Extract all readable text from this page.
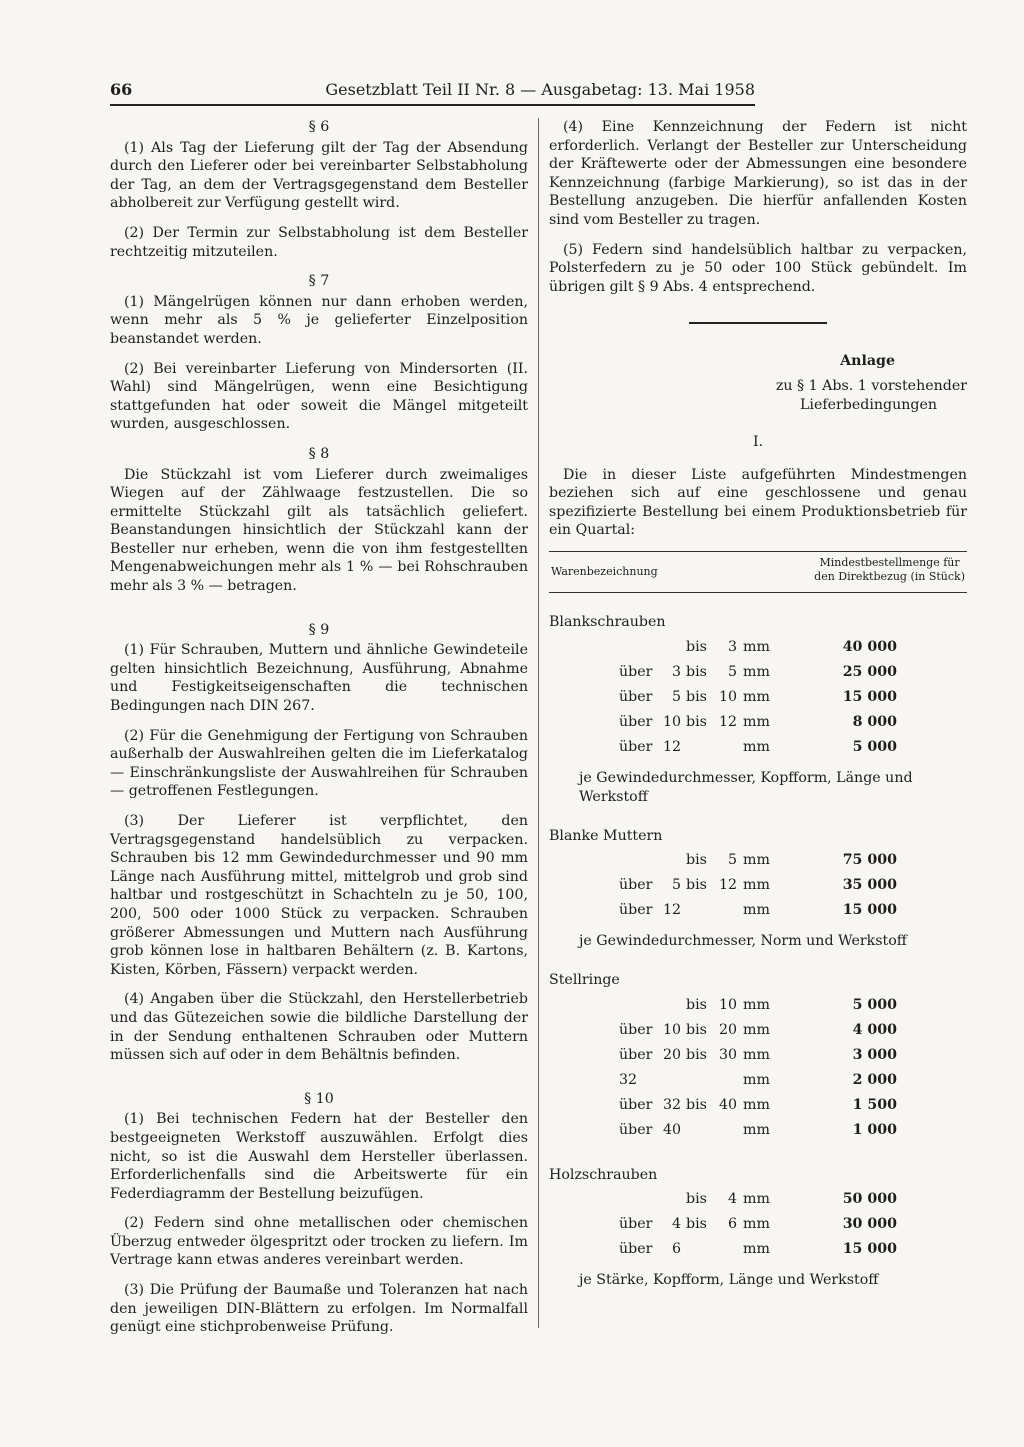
66	Gesetzblatt Teil II Nr. 8 — Ausgabetag: 13. Mai 1958
§ 6

(1) Als Tag der Lieferung gilt der Tag der Absendung durch den Lieferer oder bei vereinbarter Selbstabholung der Tag, an dem der Vertragsgegenstand dem Besteller abholbereit zur Verfügung gestellt wird.

(2) Der Termin zur Selbstabholung ist dem Besteller rechtzeitig mitzuteilen.

§ 7

(1) Mängelrügen können nur dann erhoben werden, wenn mehr als 5 % je gelieferter Einzelposition beanstandet werden.

(2) Bei vereinbarter Lieferung von Mindersorten (II. Wahl) sind Mängelrügen, wenn eine Besichtigung stattgefunden hat oder soweit die Mängel mitgeteilt wurden, ausgeschlossen.

§ 8

Die Stückzahl ist vom Lieferer durch zweimaliges Wiegen auf der Zählwaage festzustellen. Die so ermittelte Stückzahl gilt als tatsächlich geliefert. Beanstandungen hinsichtlich der Stückzahl kann der Besteller nur erheben, wenn die von ihm festgestellten Mengenabweichungen mehr als 1 % — bei Rohschrauben mehr als 3 % — betragen.

§ 9

(1) Für Schrauben, Muttern und ähnliche Gewindeteile gelten hinsichtlich Bezeichnung, Ausführung, Abnahme und Festigkeitseigenschaften die technischen Bedingungen nach DIN 267.

(2) Für die Genehmigung der Fertigung von Schrauben außerhalb der Auswahlreihen gelten die im Lieferkatalog — Einschränkungsliste der Auswahlreihen für Schrauben — getroffenen Festlegungen.

(3) Der Lieferer ist verpflichtet, den Vertragsgegenstand handelsüblich zu verpacken. Schrauben bis 12 mm Gewindedurchmesser und 90 mm Länge nach Ausführung mittel, mittelgrob und grob sind haltbar und rostgeschützt in Schachteln zu je 50, 100, 200, 500 oder 1000 Stück zu verpacken. Schrauben größerer Abmessungen und Muttern nach Ausführung grob können lose in haltbaren Behältern (z. B. Kartons, Kisten, Körben, Fässern) verpackt werden.

(4) Angaben über die Stückzahl, den Herstellerbetrieb und das Gütezeichen sowie die bildliche Darstellung der in der Sendung enthaltenen Schrauben oder Muttern müssen sich auf oder in dem Behältnis befinden.

§ 10

(1) Bei technischen Federn hat der Besteller den bestgeeigneten Werkstoff auszuwählen. Erfolgt dies nicht, so ist die Auswahl dem Hersteller überlassen. Erforderlichenfalls sind die Arbeitswerte für ein Federdiagramm der Bestellung beizufügen.

(2) Federn sind ohne metallischen oder chemischen Überzug entweder ölgespritzt oder trocken zu liefern. Im Vertrage kann etwas anderes vereinbart werden.

(3) Die Prüfung der Baumaße und Toleranzen hat nach den jeweiligen DIN-Blättern zu erfolgen. Im Normalfall genügt eine stichprobenweise Prüfung.

(4) Eine Kennzeichnung der Federn ist nicht erforderlich. Verlangt der Besteller zur Unterscheidung der Kräftewerte oder der Abmessungen eine besondere Kennzeichnung (farbige Markierung), so ist das in der Bestellung anzugeben. Die hierfür anfallenden Kosten sind vom Besteller zu tragen.

(5) Federn sind handelsüblich haltbar zu verpacken, Polsterfedern zu je 50 oder 100 Stück gebündelt. Im übrigen gilt § 9 Abs. 4 entsprechend.

Anlage
zu § 1 Abs. 1 vorstehender
Lieferbedingungen
I.

Die in dieser Liste aufgeführten Mindestmengen beziehen sich auf eine geschlossene und genau spezifizierte Bestellung bei einem Produktionsbetrieb für ein Quartal:

Warenbezeichnung
Mindestbestellmenge für
den Direktbezug (in Stück)
Blankschrauben
bis	3 mm	40 000
über	3 bis	5 mm	25 000
über	5 bis 10 mm	15 000
über 10 bis 12 mm	8 000
über 12	mm	5 000
je Gewindedurchmesser, Kopfform, Länge und Werkstoff
Blanke Muttern
bis	5 mm	75 000
über	5 bis 12 mm	35 000
über 12	mm	15 000
je Gewindedurchmesser, Norm und Werkstoff
Stellringe
bis 10 mm	5 000
über 10 bis 20 mm	4 000
über 20 bis 30 mm	3 000
32	mm	2 000
über 32 bis 40 mm	1 500
über 40	mm	1 000
Holzschrauben
bis	4 mm	50 000
über	4 bis	6 mm	30 000
über	6	mm	15 000
je Stärke, Kopfform, Länge und Werkstoff
